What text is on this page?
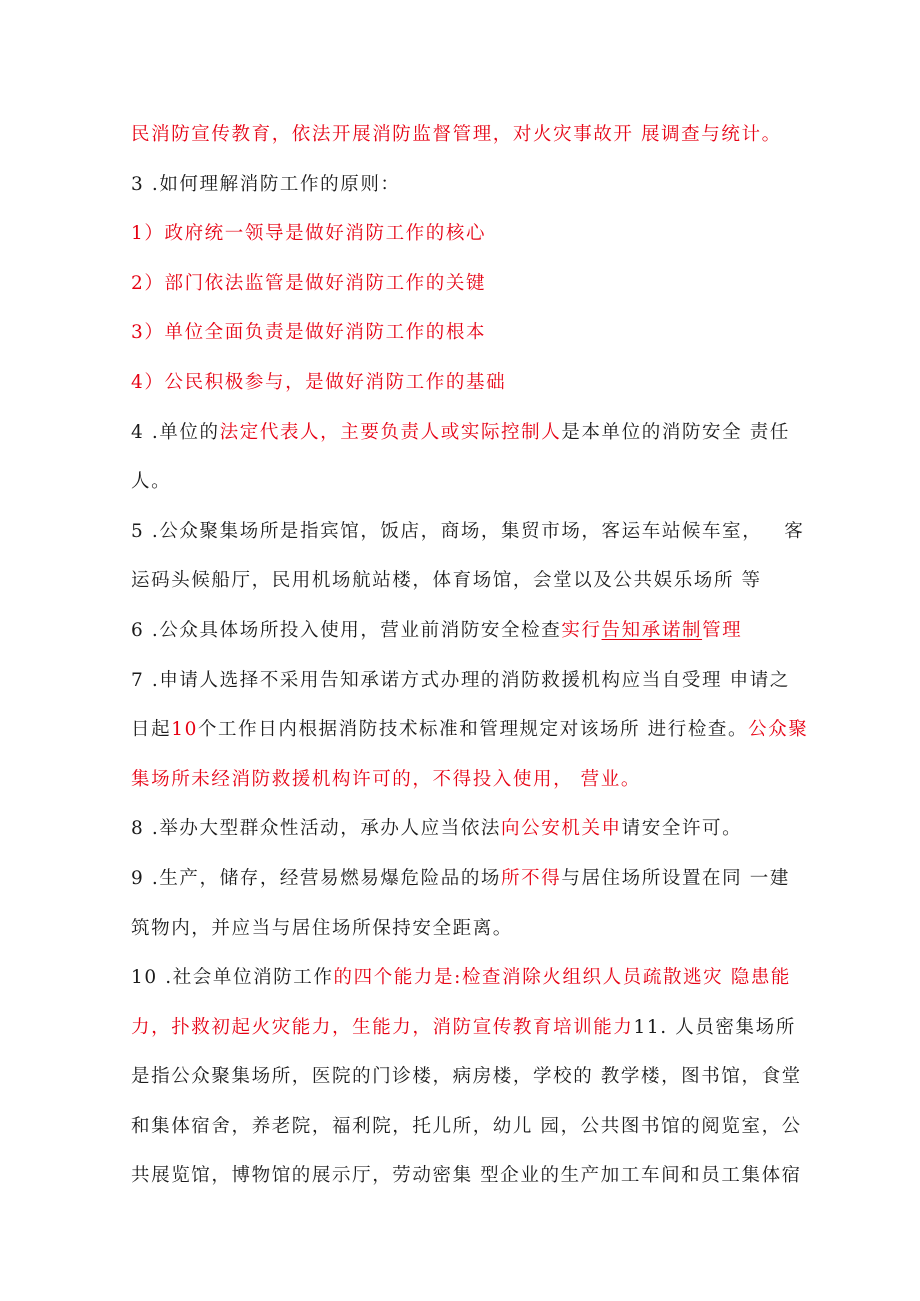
民消防宣传教育，依法开展消防监督管理，对火灾事故开 展调查与统计。
3 .如何理解消防工作的原则：
1）政府统一领导是做好消防工作的核心
2）部门依法监管是做好消防工作的关键
3）单位全面负责是做好消防工作的根本
4）公民积极参与，是做好消防工作的基础
4 .单位的法定代表人，主要负责人或实际控制人是本单位的消防安全 责任
人。
5 .公众聚集场所是指宾馆，饭店，商场，集贸市场，客运车站候车室， 客
运码头候船厅，民用机场航站楼，体育场馆，会堂以及公共娱乐场所 等
6 .公众具体场所投入使用，营业前消防安全检查实行告知承诺制管理
7 .申请人选择不采用告知承诺方式办理的消防救援机构应当自受理 申请之
日起10个工作日内根据消防技术标准和管理规定对该场所 进行检查。公众聚
集场所未经消防救援机构许可的，不得投入使用， 营业。
8 .举办大型群众性活动，承办人应当依法向公安机关申请安全许可。
9 .生产，储存，经营易燃易爆危险品的场所不得与居住场所设置在同 一建
筑物内，并应当与居住场所保持安全距离。
10 .社会单位消防工作的四个能力是:检查消除火组织人员疏散逃灾 隐患能
力，扑救初起火灾能力，生能力，消防宣传教育培训能力11. 人员密集场所
是指公众聚集场所，医院的门诊楼，病房楼，学校的 教学楼，图书馆，食堂
和集体宿舍，养老院，福利院，托儿所，幼儿 园，公共图书馆的阅览室，公
共展览馆，博物馆的展示厅，劳动密集 型企业的生产加工车间和员工集体宿
